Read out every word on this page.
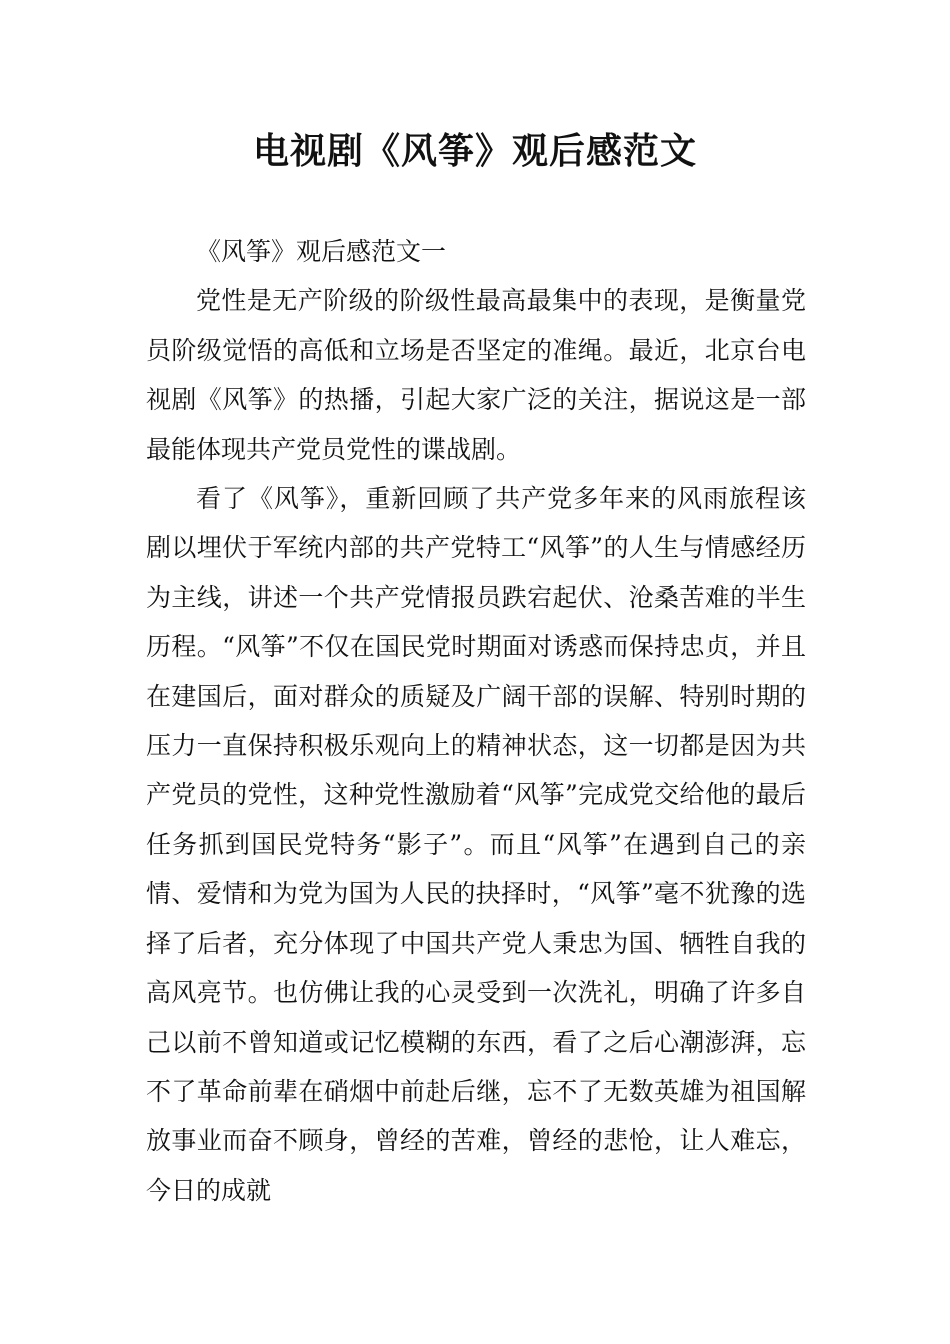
电视剧《风筝》观后感范文

《风筝》观后感范文一

党性是无产阶级的阶级性最高最集中的表现，是衡量党员阶级觉悟的高低和立场是否坚定的准绳。最近，北京台电视剧《风筝》的热播，引起大家广泛的关注，据说这是一部最能体现共产党员党性的谍战剧。

看了《风筝》，重新回顾了共产党多年来的风雨旅程该剧以埋伏于军统内部的共产党特工“风筝”的人生与情感经历为主线，讲述一个共产党情报员跌宕起伏、沧桑苦难的半生历程。“风筝”不仅在国民党时期面对诱惑而保持忠贞，并且在建国后，面对群众的质疑及广阔干部的误解、特别时期的压力一直保持积极乐观向上的精神状态，这一切都是因为共产党员的党性，这种党性激励着“风筝”完成党交给他的最后任务抓到国民党特务“影子”。而且“风筝”在遇到自己的亲情、爱情和为党为国为人民的抉择时，“风筝”毫不犹豫的选择了后者，充分体现了中国共产党人秉忠为国、牺牲自我的高风亮节。也仿佛让我的心灵受到一次洗礼，明确了许多自己以前不曾知道或记忆模糊的东西，看了之后心潮澎湃，忘不了革命前辈在硝烟中前赴后继，忘不了无数英雄为祖国解放事业而奋不顾身，曾经的苦难，曾经的悲怆，让人难忘，今日的成就
